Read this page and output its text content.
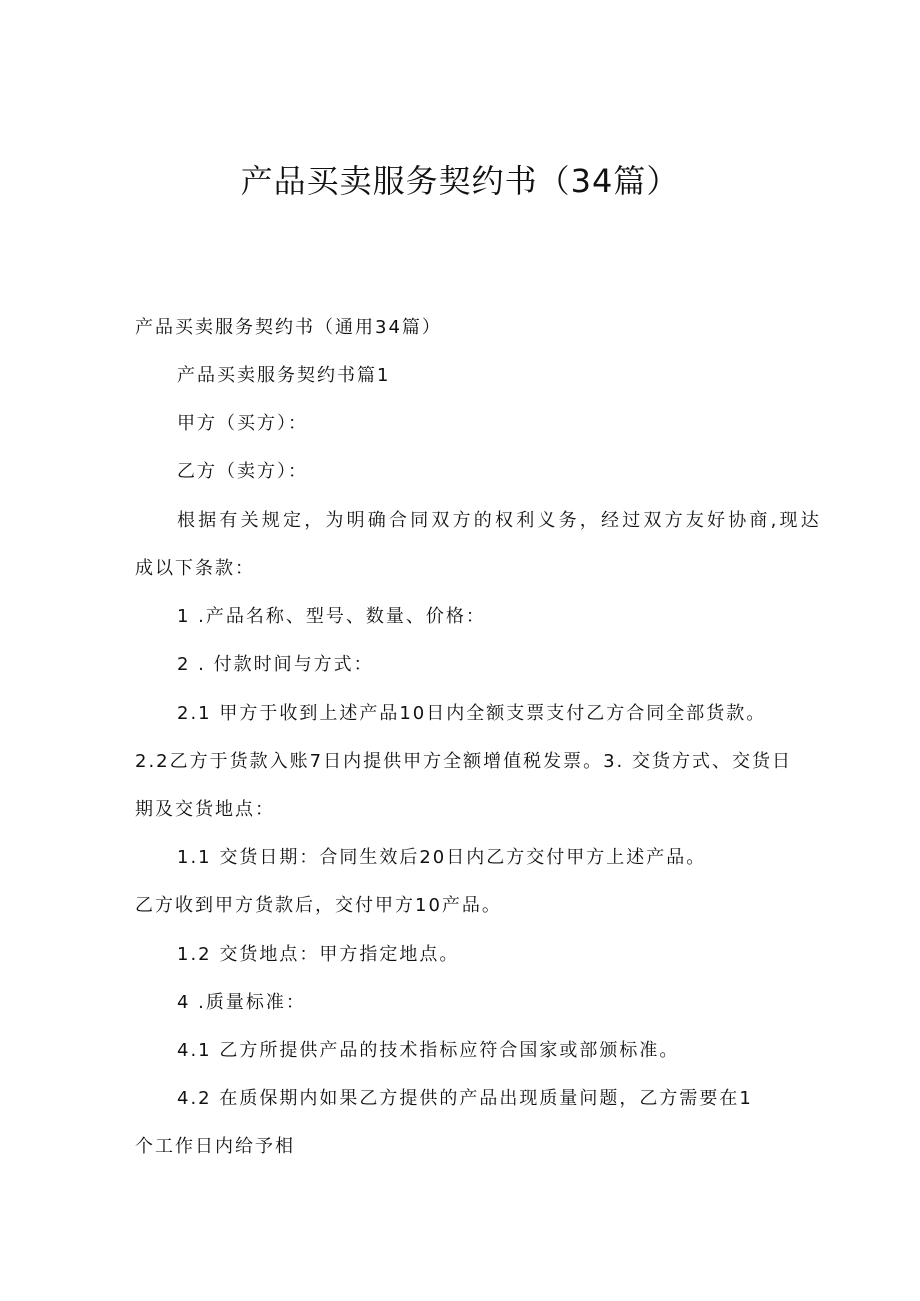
产品买卖服务契约书（34篇）
产品买卖服务契约书（通用34篇）
产品买卖服务契约书篇1
甲方（买方）：
乙方（卖方）：
根据有关规定，为明确合同双方的权利义务，经过双方友好协商,现达
成以下条款：
1 .产品名称、型号、数量、价格：
2 . 付款时间与方式：
2.1 甲方于收到上述产品10日内全额支票支付乙方合同全部货款。
2.2乙方于货款入账7日内提供甲方全额增值税发票。3. 交货方式、交货日
期及交货地点：
1.1 交货日期：合同生效后20日内乙方交付甲方上述产品。
乙方收到甲方货款后，交付甲方10产品。
1.2 交货地点：甲方指定地点。
4 .质量标准：
4.1 乙方所提供产品的技术指标应符合国家或部颁标准。
4.2 在质保期内如果乙方提供的产品出现质量问题，乙方需要在1
个工作日内给予相
